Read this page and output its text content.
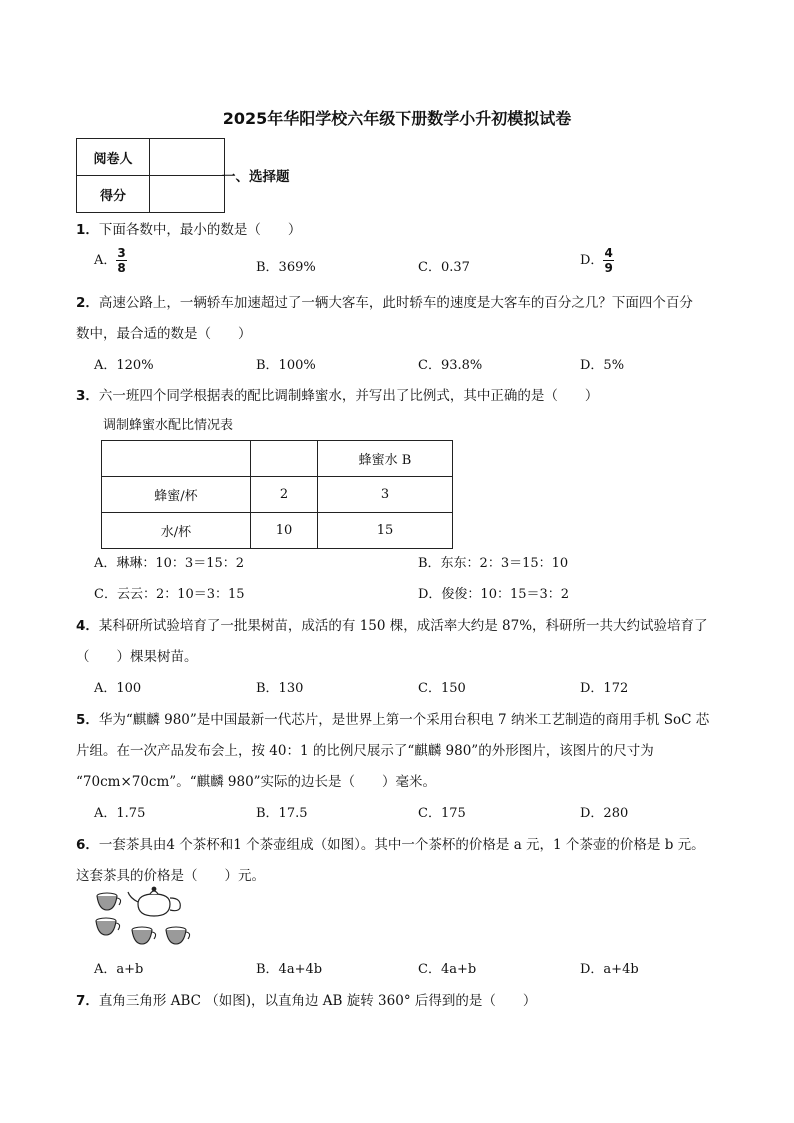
2025年华阳学校六年级下册数学小升初模拟试卷
阅卷人	
得分	
一、选择题
1．下面各数中，最小的数是（　　）
A． $\frac{3}{8}$	B．369%	C．0.37	D． $\frac{4}{9}$
2．高速公路上，一辆轿车加速超过了一辆大客车，此时轿车的速度是大客车的百分之几？下面四个百分
数中，最合适的数是（　　）
A．120%	B．100%	C．93.8%	D．5%
3．六一班四个同学根据表的配比调制蜂蜜水，并写出了比例式，其中正确的是（　　）
调制蜂蜜水配比情况表
		蜂蜜水 B
蜂蜜/杯	2	3
水/杯	10	15
A．琳琳：10：3＝15：2	B．东东：2：3＝15：10
C．云云：2：10＝3：15	D．俊俊：10：15＝3：2
4．某科研所试验培育了一批果树苗，成活的有 150 棵，成活率大约是 87%，科研所一共大约试验培育了
（　　）棵果树苗。
A．100	B．130	C．150	D．172
5．华为“麒麟 980”是中国最新一代芯片，是世界上第一个采用台积电 7 纳米工艺制造的商用手机 SoC 芯
片组。在一次产品发布会上，按 40：1 的比例尺展示了“麒麟 980”的外形图片，该图片的尺寸为
“70cm×70cm”。“麒麟 980”实际的边长是（　　）毫米。
A．1.75	B．17.5	C．175	D．280
6．一套茶具由4 个茶杯和1 个茶壶组成（如图）。其中一个茶杯的价格是 a 元，1 个茶壶的价格是 b 元。
这套茶具的价格是（　　）元。
A．a+b	B．4a+4b	C．4a+b	D．a+4b
7．直角三角形 ABC （如图)，以直角边 AB 旋转 360° 后得到的是（　　）
